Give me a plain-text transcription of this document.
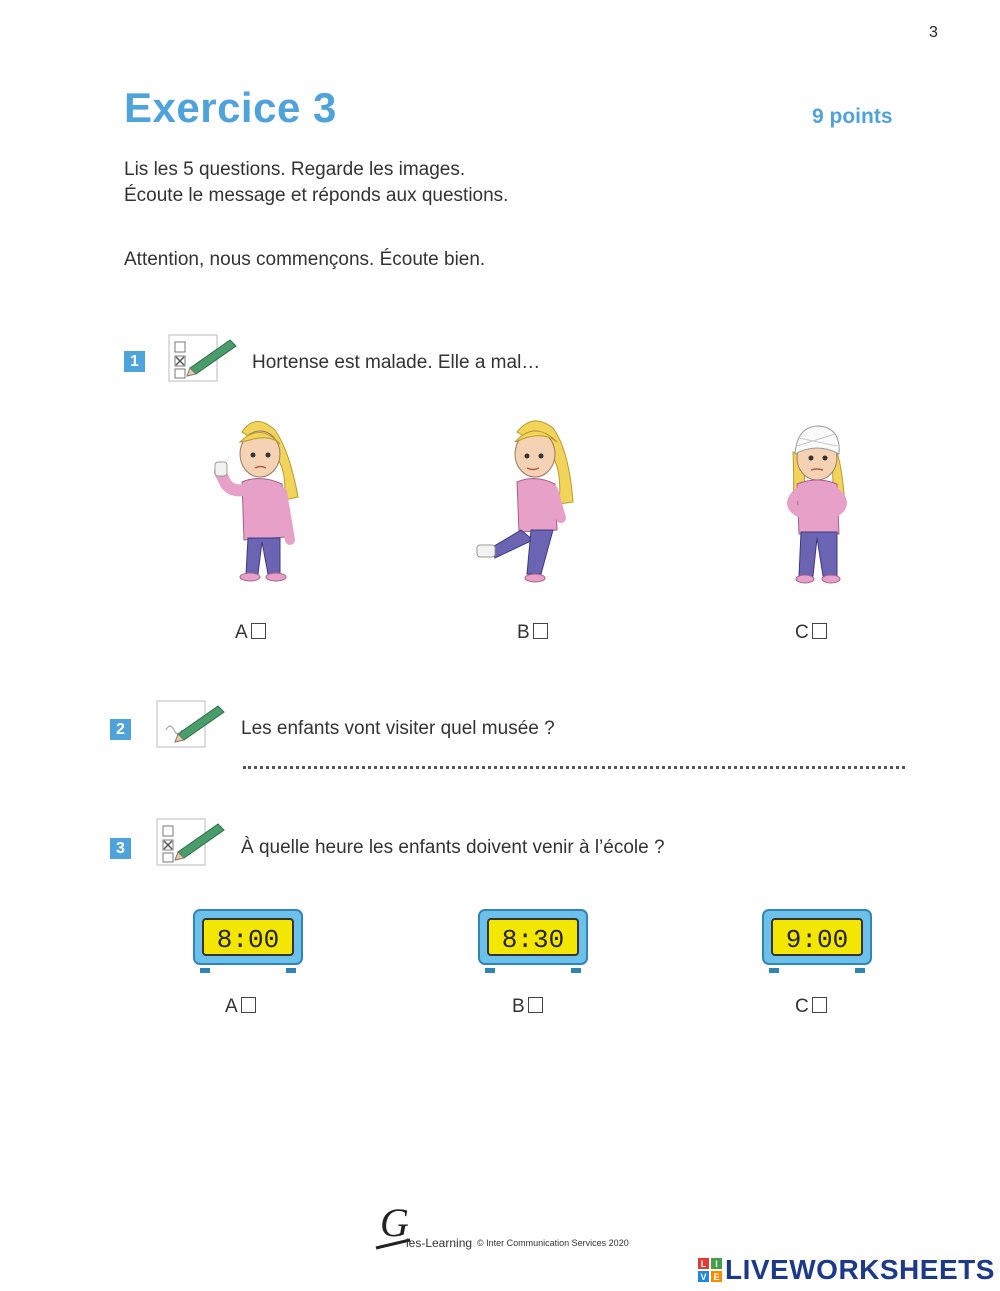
3
Exercice 3	9 points
Lis les 5 questions. Regarde les images.
Écoute le message et réponds aux questions.
Attention, nous commençons. Écoute bien.
1	Hortense est malade. Elle a mal…
A	B	C
2	Les enfants vont visiter quel musée ?
3	À quelle heure les enfants doivent venir à l’école ?
8:00	8:30	9:00
A	B	C
G
ies-Learning © Inter Communication Services 2020
L I
V E LIVEWORKSHEETS
